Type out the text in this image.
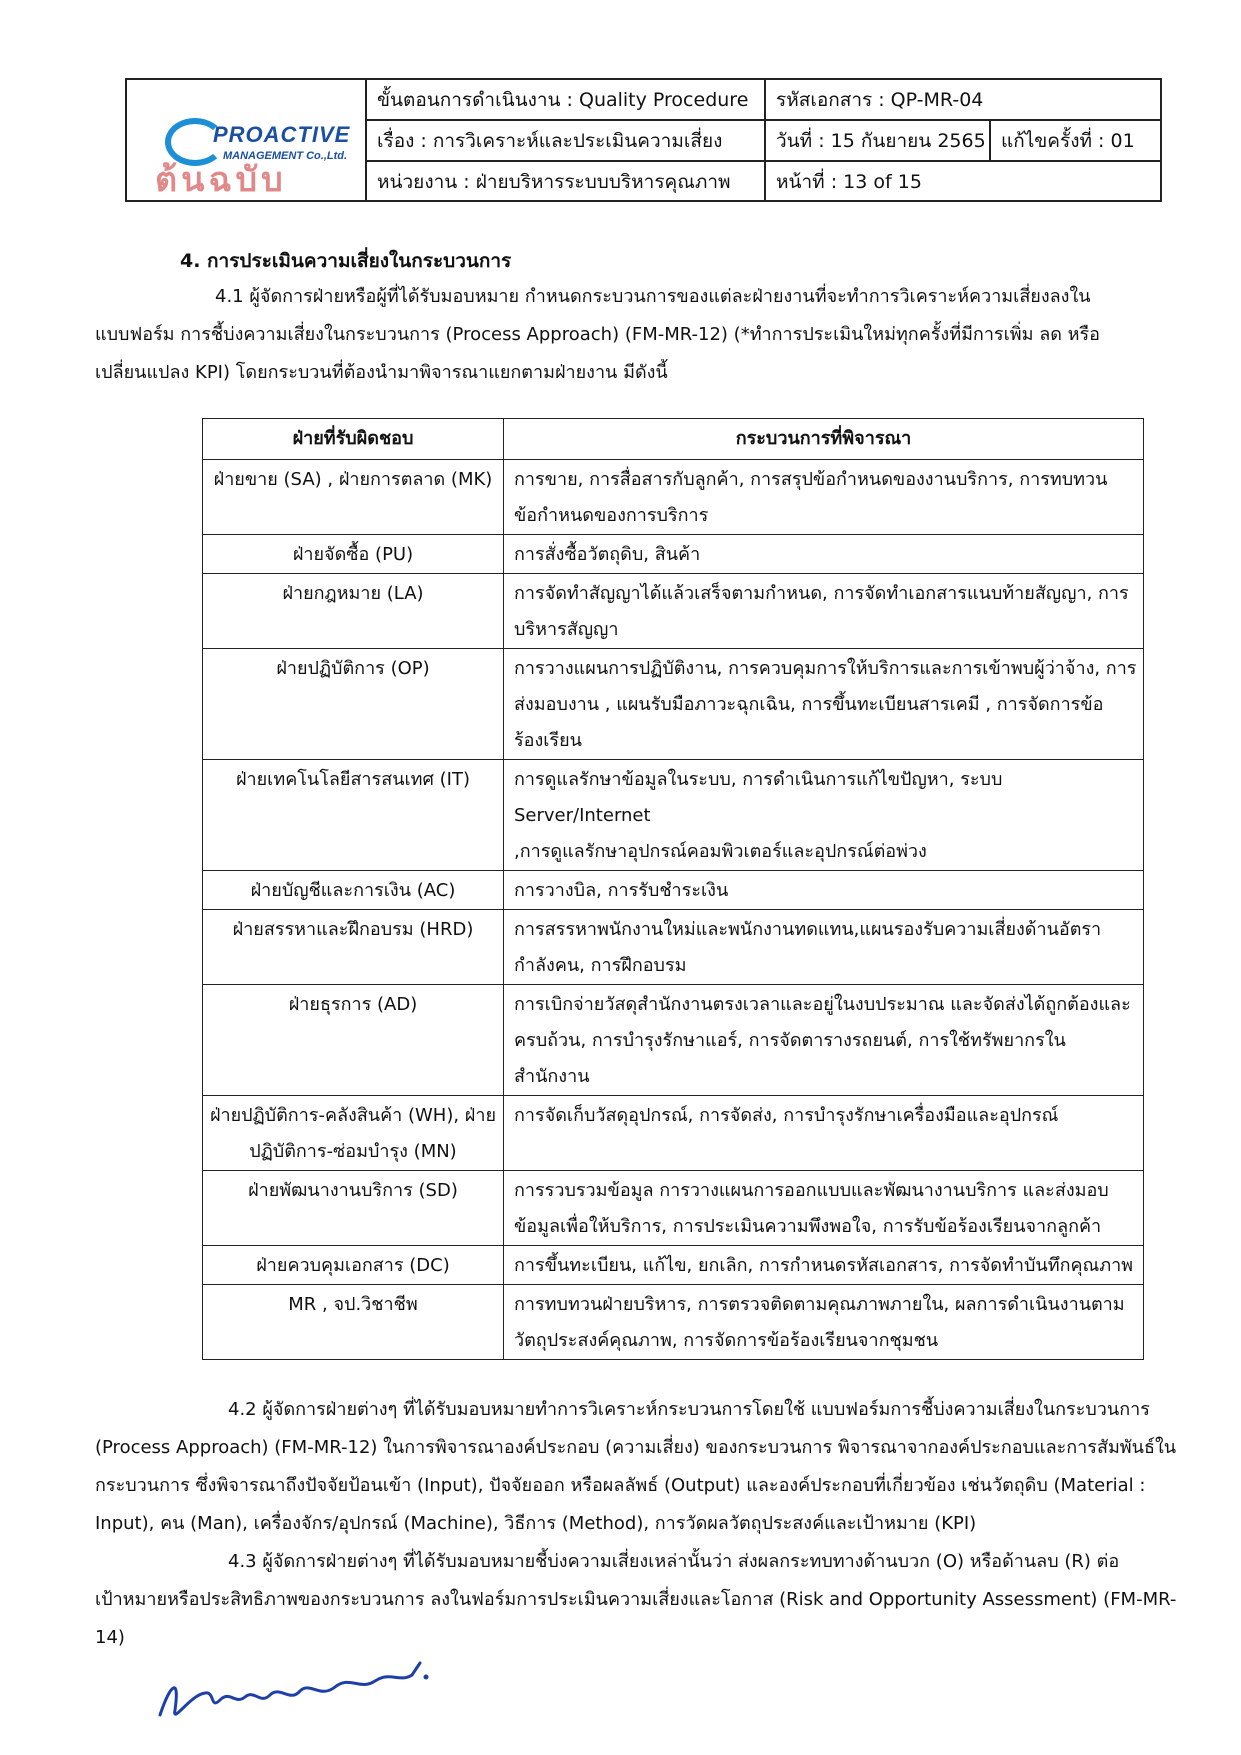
PROACTIVE
MANAGEMENT Co.,Ltd.
ต้นฉบับ
ขั้นตอนการดำเนินงาน : Quality Procedure
เรื่อง : การวิเคราะห์และประเมินความเสี่ยง
หน่วยงาน : ฝ่ายบริหารระบบบริหารคุณภาพ
รหัสเอกสาร : QP-MR-04
วันที่ : 15 กันยายน 2565 แก้ไขครั้งที่ : 01
หน้าที่ : 13 of 15
4. การประเมินความเสี่ยงในกระบวนการ
4.1 ผู้จัดการฝ่ายหรือผู้ที่ได้รับมอบหมาย กำหนดกระบวนการของแต่ละฝ่ายงานที่จะทำการวิเคราะห์ความเสี่ยงลงใน
แบบฟอร์ม การชี้บ่งความเสี่ยงในกระบวนการ (Process Approach) (FM-MR-12) (*ทำการประเมินใหม่ทุกครั้งที่มีการเพิ่ม ลด หรือ
เปลี่ยนแปลง KPI) โดยกระบวนที่ต้องนำมาพิจารณาแยกตามฝ่ายงาน มีดังนี้
ฝ่ายที่รับผิดชอบ	กระบวนการที่พิจารณา

ฝ่ายขาย (SA) , ฝ่ายการตลาด (MK)	การขาย, การสื่อสารกับลูกค้า, การสรุปข้อกำหนดของงานบริการ, การทบทวน
ข้อกำหนดของการบริการ

ฝ่ายจัดซื้อ (PU)	การสั่งซื้อวัตถุดิบ, สินค้า

ฝ่ายกฎหมาย (LA)	การจัดทำสัญญาได้แล้วเสร็จตามกำหนด, การจัดทำเอกสารแนบท้ายสัญญา, การ
บริหารสัญญา

ฝ่ายปฏิบัติการ (OP)	การวางแผนการปฏิบัติงาน, การควบคุมการให้บริการและการเข้าพบผู้ว่าจ้าง, การ
ส่งมอบงาน , แผนรับมือภาวะฉุกเฉิน, การขึ้นทะเบียนสารเคมี , การจัดการข้อ
ร้องเรียน

ฝ่ายเทคโนโลยีสารสนเทศ (IT)	การดูแลรักษาข้อมูลในระบบ, การดำเนินการแก้ไขปัญหา, ระบบ Server/Internet
,การดูแลรักษาอุปกรณ์คอมพิวเตอร์และอุปกรณ์ต่อพ่วง

ฝ่ายบัญชีและการเงิน (AC)	การวางบิล, การรับชำระเงิน

ฝ่ายสรรหาและฝึกอบรม (HRD)	การสรรหาพนักงานใหม่และพนักงานทดแทน,แผนรองรับความเสี่ยงด้านอัตรา
กำลังคน, การฝึกอบรม

ฝ่ายธุรการ (AD)	การเบิกจ่ายวัสดุสำนักงานตรงเวลาและอยู่ในงบประมาณ และจัดส่งได้ถูกต้องและ
ครบถ้วน, การบำรุงรักษาแอร์, การจัดตารางรถยนต์, การใช้ทรัพยากรในสำนักงาน

ฝ่ายปฏิบัติการ-คลังสินค้า (WH), ฝ่าย
ปฏิบัติการ-ซ่อมบำรุง (MN)	การจัดเก็บวัสดุอุปกรณ์, การจัดส่ง, การบำรุงรักษาเครื่องมือและอุปกรณ์

ฝ่ายพัฒนางานบริการ (SD)	การรวบรวมข้อมูล การวางแผนการออกแบบและพัฒนางานบริการ และส่งมอบ
ข้อมูลเพื่อให้บริการ, การประเมินความพึงพอใจ, การรับข้อร้องเรียนจากลูกค้า

ฝ่ายควบคุมเอกสาร (DC)	การขึ้นทะเบียน, แก้ไข, ยกเลิก, การกำหนดรหัสเอกสาร, การจัดทำบันทึกคุณภาพ

MR , จป.วิชาชีพ	การทบทวนฝ่ายบริหาร, การตรวจติดตามคุณภาพภายใน, ผลการดำเนินงานตาม
วัตถุประสงค์คุณภาพ, การจัดการข้อร้องเรียนจากชุมชน
4.2 ผู้จัดการฝ่ายต่างๆ ที่ได้รับมอบหมายทำการวิเคราะห์กระบวนการโดยใช้ แบบฟอร์มการชี้บ่งความเสี่ยงในกระบวนการ
(Process Approach) (FM-MR-12) ในการพิจารณาองค์ประกอบ (ความเสี่ยง) ของกระบวนการ พิจารณาจากองค์ประกอบและการสัมพันธ์ใน
กระบวนการ ซึ่งพิจารณาถึงปัจจัยป้อนเข้า (Input), ปัจจัยออก หรือผลลัพธ์ (Output) และองค์ประกอบที่เกี่ยวข้อง เช่นวัตถุดิบ (Material :
Input), คน (Man), เครื่องจักร/อุปกรณ์ (Machine), วิธีการ (Method), การวัดผลวัตถุประสงค์และเป้าหมาย (KPI)
4.3 ผู้จัดการฝ่ายต่างๆ ที่ได้รับมอบหมายชี้บ่งความเสี่ยงเหล่านั้นว่า ส่งผลกระทบทางด้านบวก (O) หรือด้านลบ (R) ต่อ
เป้าหมายหรือประสิทธิภาพของกระบวนการ ลงในฟอร์มการประเมินความเสี่ยงและโอกาส (Risk and Opportunity Assessment) (FM-MR-
14)
